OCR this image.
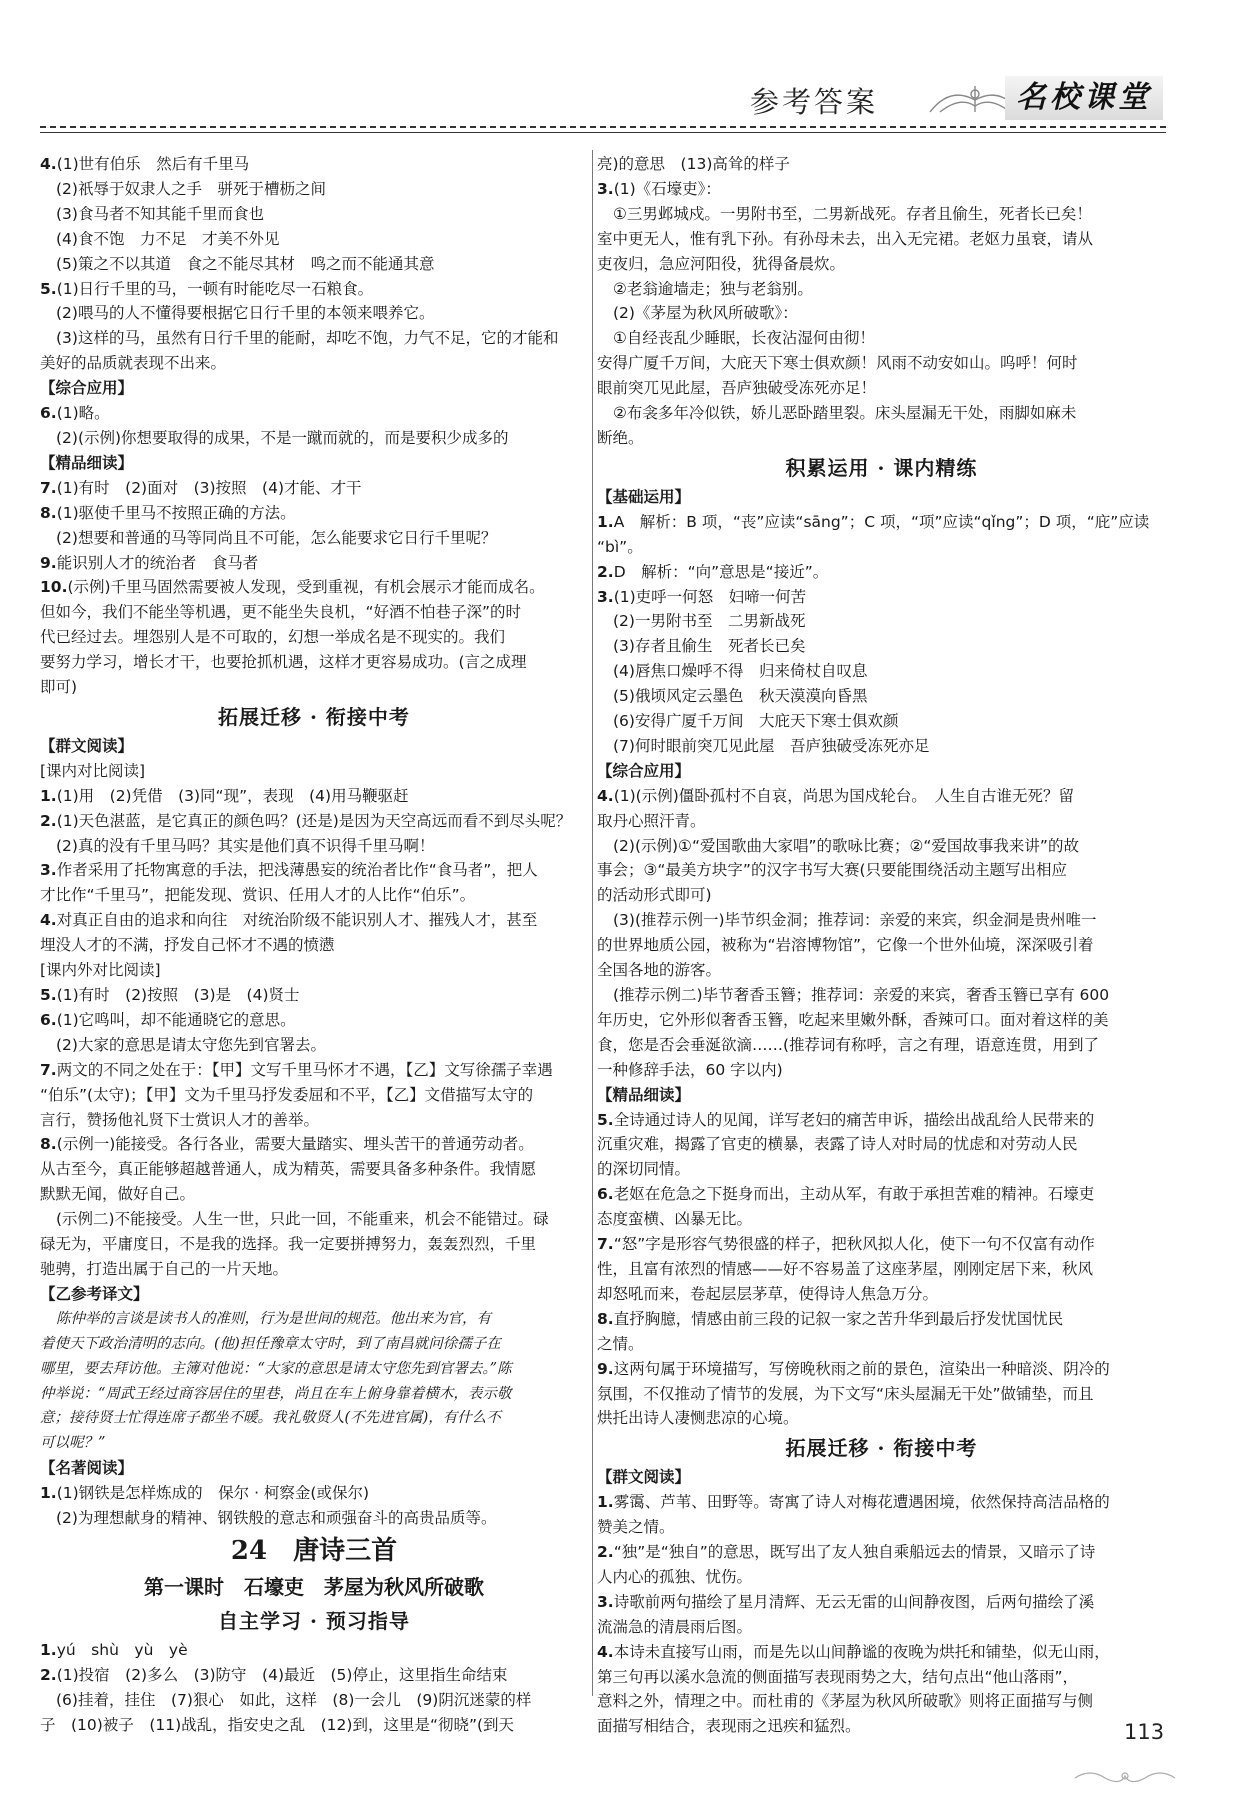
参考答案	名校课堂
4.(1)世有伯乐　然后有千里马
(2)祇辱于奴隶人之手　骈死于槽枥之间
(3)食马者不知其能千里而食也
(4)食不饱　力不足　才美不外见
(5)策之不以其道　食之不能尽其材　鸣之而不能通其意
5.(1)日行千里的马，一顿有时能吃尽一石粮食。
(2)喂马的人不懂得要根据它日行千里的本领来喂养它。
(3)这样的马，虽然有日行千里的能耐，却吃不饱，力气不足，它的才能和
美好的品质就表现不出来。
【综合应用】
6.(1)略。
(2)(示例)你想要取得的成果，不是一蹴而就的，而是要积少成多的
【精品细读】
7.(1)有时　(2)面对　(3)按照　(4)才能、才干
8.(1)驱使千里马不按照正确的方法。
(2)想要和普通的马等同尚且不可能，怎么能要求它日行千里呢？
9.能识别人才的统治者　食马者
10.(示例)千里马固然需要被人发现，受到重视，有机会展示才能而成名。
但如今，我们不能坐等机遇，更不能坐失良机，“好酒不怕巷子深”的时
代已经过去。埋怨别人是不可取的，幻想一举成名是不现实的。我们
要努力学习，增长才干，也要抢抓机遇，这样才更容易成功。(言之成理
即可)
拓展迁移 · 衔接中考
【群文阅读】
[课内对比阅读]
1.(1)用　(2)凭借　(3)同“现”，表现　(4)用马鞭驱赶
2.(1)天色湛蓝，是它真正的颜色吗？(还是)是因为天空高远而看不到尽头呢？
(2)真的没有千里马吗？其实是他们真不识得千里马啊！
3.作者采用了托物寓意的手法，把浅薄愚妄的统治者比作“食马者”，把人
才比作“千里马”，把能发现、赏识、任用人才的人比作“伯乐”。
4.对真正自由的追求和向往　对统治阶级不能识别人才、摧残人才，甚至
埋没人才的不满，抒发自己怀才不遇的愤懑
[课内外对比阅读]
5.(1)有时　(2)按照　(3)是　(4)贤士
6.(1)它鸣叫，却不能通晓它的意思。
(2)大家的意思是请太守您先到官署去。
7.两文的不同之处在于：【甲】文写千里马怀才不遇，【乙】文写徐孺子幸遇
“伯乐”(太守)；【甲】文为千里马抒发委屈和不平，【乙】文借描写太守的
言行，赞扬他礼贤下士赏识人才的善举。
8.(示例一)能接受。各行各业，需要大量踏实、埋头苦干的普通劳动者。
从古至今，真正能够超越普通人，成为精英，需要具备多种条件。我情愿
默默无闻，做好自己。
(示例二)不能接受。人生一世，只此一回，不能重来，机会不能错过。碌
碌无为，平庸度日，不是我的选择。我一定要拼搏努力，轰轰烈烈，千里
驰骋，打造出属于自己的一片天地。
【乙参考译文】
陈仲举的言谈是读书人的准则，行为是世间的规范。他出来为官，有
着使天下政治清明的志向。(他)担任豫章太守时，到了南昌就问徐孺子在
哪里，要去拜访他。主簿对他说：“大家的意思是请太守您先到官署去。”陈
仲举说：“周武王经过商容居住的里巷，尚且在车上俯身靠着横木，表示敬
意；接待贤士忙得连席子都坐不暖。我礼敬贤人(不先进官属)，有什么不
可以呢？”
【名著阅读】
1.(1)钢铁是怎样炼成的　保尔 · 柯察金(或保尔)
(2)为理想献身的精神、钢铁般的意志和顽强奋斗的高贵品质等。
24　唐诗三首
第一课时　石壕吏　茅屋为秋风所破歌
自主学习 · 预习指导
1.yú　shù　yù　yè
2.(1)投宿　(2)多么　(3)防守　(4)最近　(5)停止，这里指生命结束
(6)挂着，挂住　(7)狠心　如此，这样　(8)一会儿　(9)阴沉迷蒙的样
子　(10)被子　(11)战乱，指安史之乱　(12)到，这里是“彻晓”(到天
亮)的意思　(13)高耸的样子
3.(1)《石壕吏》：
①三男邺城戍。一男附书至，二男新战死。存者且偷生，死者长已矣！
室中更无人，惟有乳下孙。有孙母未去，出入无完裙。老妪力虽衰，请从
吏夜归，急应河阳役，犹得备晨炊。
②老翁逾墙走；独与老翁别。
(2)《茅屋为秋风所破歌》：
①自经丧乱少睡眠，长夜沾湿何由彻！
安得广厦千万间，大庇天下寒士俱欢颜！风雨不动安如山。呜呼！何时
眼前突兀见此屋，吾庐独破受冻死亦足！
②布衾多年冷似铁，娇儿恶卧踏里裂。床头屋漏无干处，雨脚如麻未
断绝。
积累运用 · 课内精练
【基础运用】
1.A　解析：B 项，“丧”应读“sāng”；C 项，“项”应读“qǐng”；D 项，“庇”应读
“bì”。
2.D　解析：“向”意思是“接近”。
3.(1)吏呼一何怒　妇啼一何苦
(2)一男附书至　二男新战死
(3)存者且偷生　死者长已矣
(4)唇焦口燥呼不得　归来倚杖自叹息
(5)俄顷风定云墨色　秋天漠漠向昏黑
(6)安得广厦千万间　大庇天下寒士俱欢颜
(7)何时眼前突兀见此屋　吾庐独破受冻死亦足
【综合应用】
4.(1)(示例)僵卧孤村不自哀，尚思为国戍轮台。　人生自古谁无死？留
取丹心照汗青。
(2)(示例)①“爱国歌曲大家唱”的歌咏比赛；②“爱国故事我来讲”的故
事会；③“最美方块字”的汉字书写大赛(只要能围绕活动主题写出相应
的活动形式即可)
(3)(推荐示例一)毕节织金洞；推荐词：亲爱的来宾，织金洞是贵州唯一
的世界地质公园，被称为“岩溶博物馆”，它像一个世外仙境，深深吸引着
全国各地的游客。
(推荐示例二)毕节奢香玉簪；推荐词：亲爱的来宾，奢香玉簪已享有 600
年历史，它外形似奢香玉簪，吃起来里嫩外酥，香辣可口。面对着这样的美
食，您是否会垂涎欲滴……(推荐词有称呼，言之有理，语意连贯，用到了
一种修辞手法，60 字以内)
【精品细读】
5.全诗通过诗人的见闻，详写老妇的痛苦申诉，描绘出战乱给人民带来的
沉重灾难，揭露了官吏的横暴，表露了诗人对时局的忧虑和对劳动人民
的深切同情。
6.老妪在危急之下挺身而出，主动从军，有敢于承担苦难的精神。石壕吏
态度蛮横、凶暴无比。
7.“怒”字是形容气势很盛的样子，把秋风拟人化，使下一句不仅富有动作
性，且富有浓烈的情感——好不容易盖了这座茅屋，刚刚定居下来，秋风
却怒吼而来，卷起层层茅草，使得诗人焦急万分。
8.直抒胸臆，情感由前三段的记叙一家之苦升华到最后抒发忧国忧民
之情。
9.这两句属于环境描写，写傍晚秋雨之前的景色，渲染出一种暗淡、阴冷的
氛围，不仅推动了情节的发展，为下文写“床头屋漏无干处”做铺垫，而且
烘托出诗人凄恻悲凉的心境。
拓展迁移 · 衔接中考
【群文阅读】
1.雾霭、芦苇、田野等。寄寓了诗人对梅花遭遇困境，依然保持高洁品格的
赞美之情。
2.“独”是“独自”的意思，既写出了友人独自乘船远去的情景，又暗示了诗
人内心的孤独、忧伤。
3.诗歌前两句描绘了星月清辉、无云无雷的山间静夜图，后两句描绘了溪
流湍急的清晨雨后图。
4.本诗未直接写山雨，而是先以山间静谧的夜晚为烘托和铺垫，似无山雨，
第三句再以溪水急流的侧面描写表现雨势之大，结句点出“他山落雨”，
意料之外，情理之中。而杜甫的《茅屋为秋风所破歌》则将正面描写与侧
面描写相结合，表现雨之迅疾和猛烈。	113
